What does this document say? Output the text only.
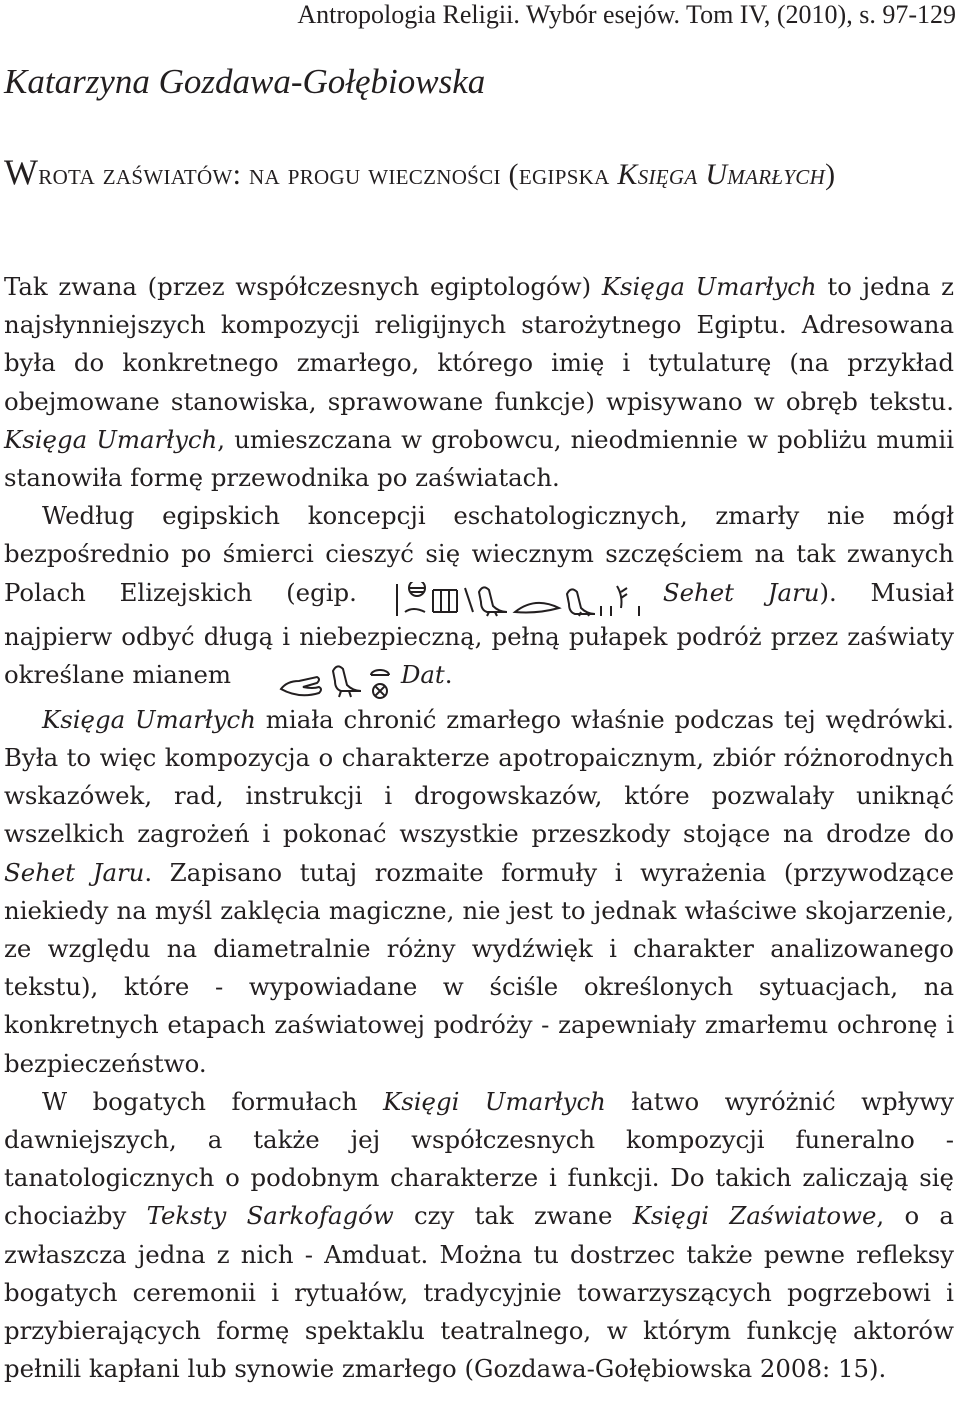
Antropologia Religii. Wybór esejów. Tom IV, (2010), s. 97-129
Katarzyna Gozdawa-Gołębiowska
Wrota zaświatów: na progu wieczności (egipska Księga Umarłych)

Tak zwana (przez współczesnych egiptologów) Księga Umarłych to jedna z najsłynniejszych kompozycji religijnych starożytnego Egiptu. Adresowana była do konkretnego zmarłego, którego imię i tytulaturę (na przykład obejmowane stanowiska, sprawowane funkcje) wpisywano w obręb tekstu. Księga Umarłych, umieszczana w grobowcu, nieodmiennie w pobliżu mumii stanowiła formę przewodnika po zaświatach.

Według egipskich koncepcji eschatologicznych, zmarły nie mógł bezpośrednio po śmierci cieszyć się wiecznym szczęściem na tak zwanych Polach Elizejskich (egip.	Sehet Jaru). Musiał najpierw odbyć długą i niebezpieczną, pełną pułapek podróż przez zaświaty określane mianem	Dat.

Księga Umarłych miała chronić zmarłego właśnie podczas tej wędrówki. Była to więc kompozycja o charakterze apotropaicznym, zbiór różnorodnych wskazówek, rad, instrukcji i drogowskazów, które pozwalały uniknąć wszelkich zagrożeń i pokonać wszystkie przeszkody stojące na drodze do Sehet Jaru. Zapisano tutaj rozmaite formuły i wyrażenia (przywodzące niekiedy na myśl zaklęcia magiczne, nie jest to jednak właściwe skojarzenie, ze względu na diametralnie różny wydźwięk i charakter analizowanego tekstu), które - wypowiadane w ściśle określonych sytuacjach, na konkretnych etapach zaświatowej podróży - zapewniały zmarłemu ochronę i bezpieczeństwo.

W bogatych formułach Księgi Umarłych łatwo wyróżnić wpływy dawniejszych, a także jej współczesnych kompozycji funeralno - tanatologicznych o podobnym charakterze i funkcji. Do takich zaliczają się chociażby Teksty Sarkofagów czy tak zwane Księgi Zaświatowe, o a zwłaszcza jedna z nich - Amduat. Można tu dostrzec także pewne refleksy bogatych ceremonii i rytuałów, tradycyjnie towarzyszących pogrzebowi i przybierających formę spektaklu teatralnego, w którym funkcję aktorów pełnili kapłani lub synowie zmarłego (Gozdawa-Gołębiowska 2008: 15).
